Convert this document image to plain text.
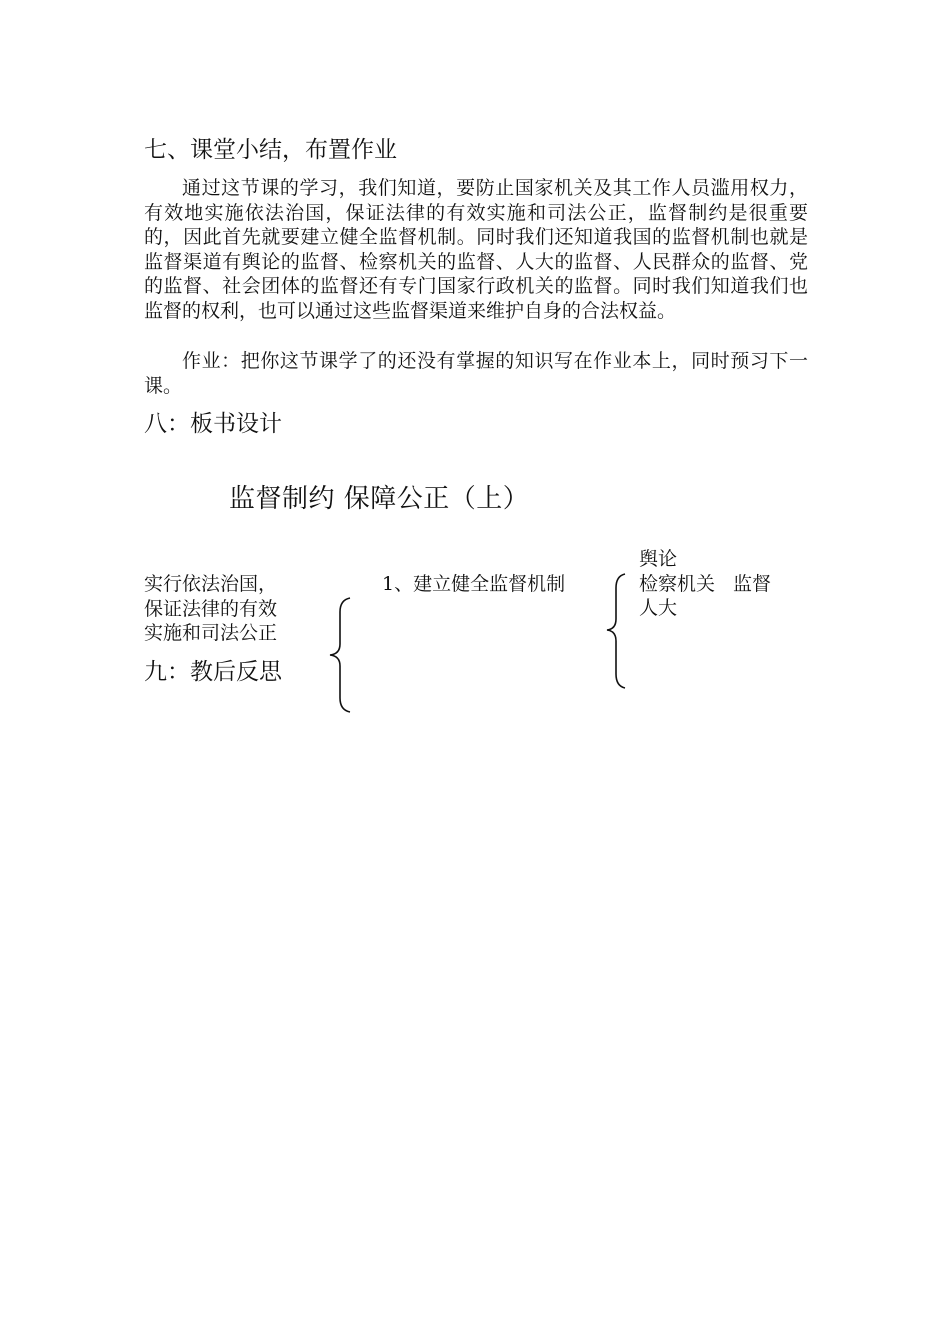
七、课堂小结，布置作业

通过这节课的学习，我们知道，要防止国家机关及其工作人员滥用权力，有效地实施依法治国，保证法律的有效实施和司法公正，监督制约是很重要的，因此首先就要建立健全监督机制。同时我们还知道我国的监督机制也就是监督渠道有舆论的监督、检察机关的监督、人大的监督、人民群众的监督、党的监督、社会团体的监督还有专门国家行政机关的监督。同时我们知道我们也监督的权利，也可以通过这些监督渠道来维护自身的合法权益。

作业：把你这节课学了的还没有掌握的知识写在作业本上，同时预习下一课。

八：板书设计
监督制约 保障公正（上）
实行依法治国，
保证法律的有效
实施和司法公正
九：教后反思
1、建立健全监督机制
舆论
检察机关 监督
人大
